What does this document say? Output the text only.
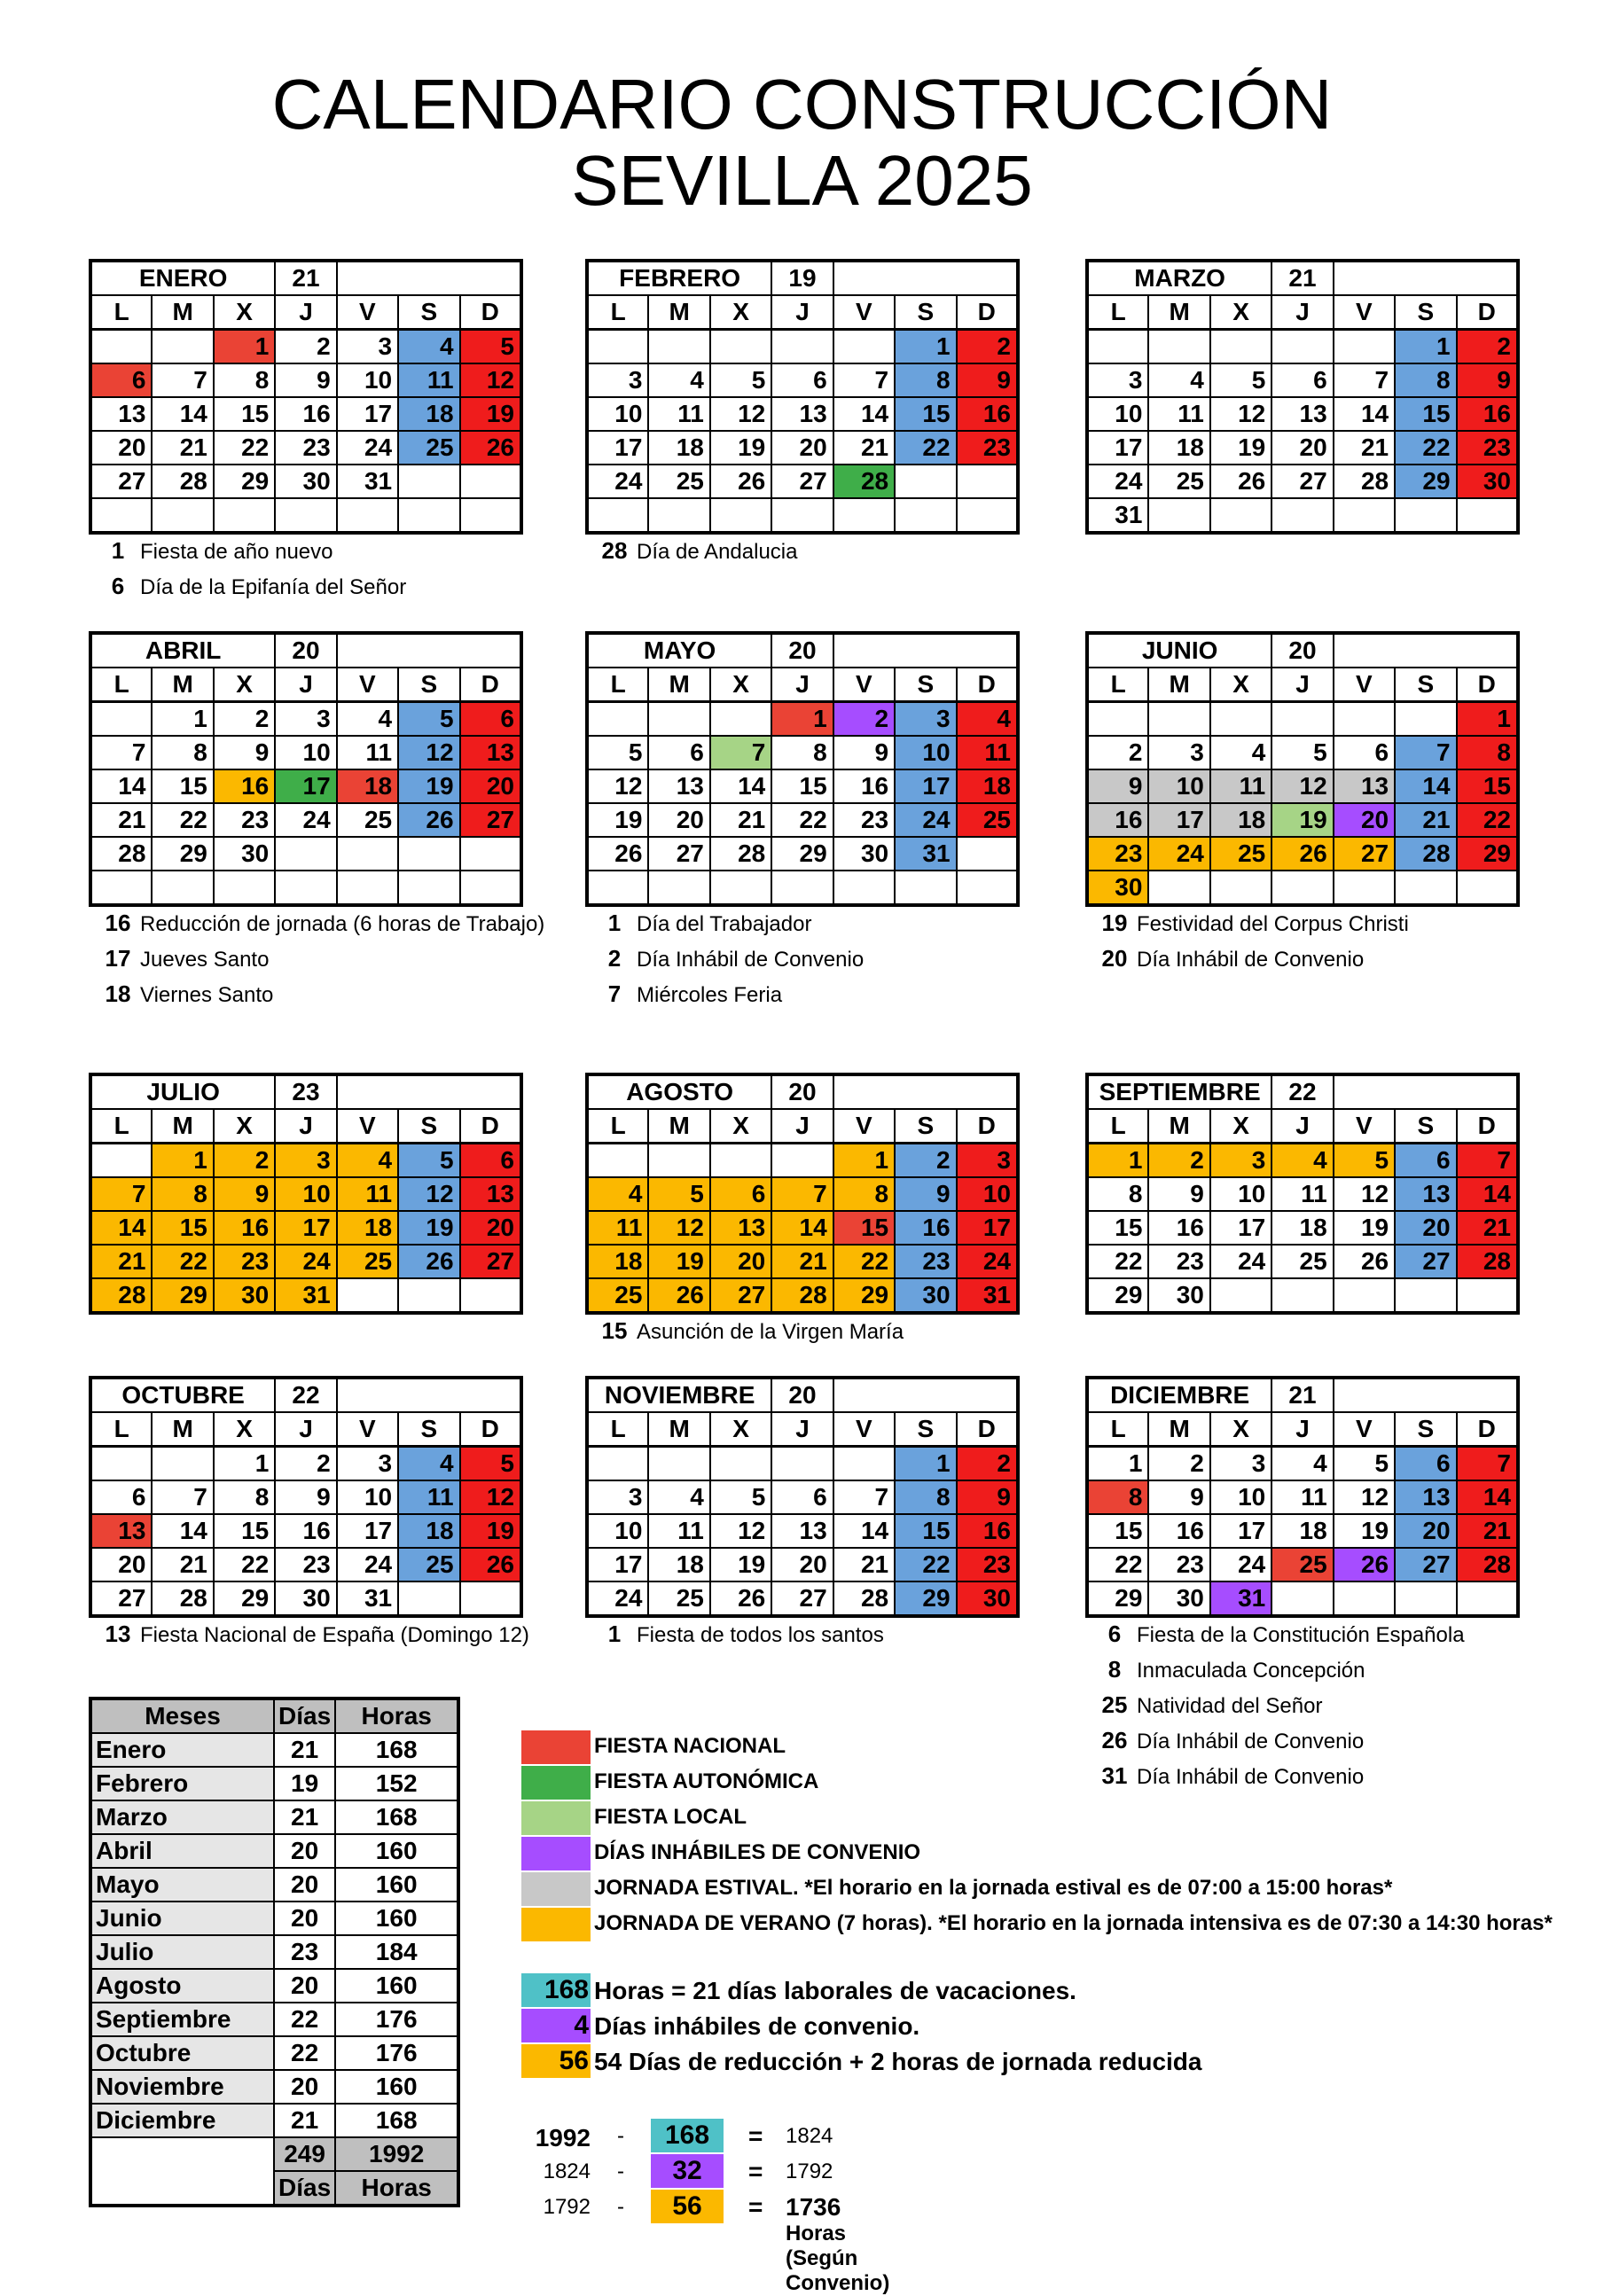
CALENDARIO CONSTRUCCIÓN
SEVILLA 2025
ENERO			21			
L	M	X	J	V	S	D
		1	2	3	4	5
6	7	8	9	10	11	12
13	14	15	16	17	18	19
20	21	22	23	24	25	26
27	28	29	30	31		

1 Fiesta de año nuevo
6 Día de la Epifanía del Señor
FEBRERO			19			
L	M	X	J	V	S	D
					1	2
3	4	5	6	7	8	9
10	11	12	13	14	15	16
17	18	19	20	21	22	23
24	25	26	27	28		

28 Día de Andalucia
MARZO			21			
L	M	X	J	V	S	D
					1	2
3	4	5	6	7	8	9
10	11	12	13	14	15	16
17	18	19	20	21	22	23
24	25	26	27	28	29	30
31						
ABRIL			20			
L	M	X	J	V	S	D
	1	2	3	4	5	6
7	8	9	10	11	12	13
14	15	16	17	18	19	20
21	22	23	24	25	26	27
28	29	30				

16 Reducción de jornada (6 horas de Trabajo)
17 Jueves Santo
18 Viernes Santo
MAYO			20			
L	M	X	J	V	S	D
			1	2	3	4
5	6	7	8	9	10	11
12	13	14	15	16	17	18
19	20	21	22	23	24	25
26	27	28	29	30	31	

1 Día del Trabajador
2 Día Inhábil de Convenio
7 Miércoles Feria
JUNIO			20			
L	M	X	J	V	S	D
						1
2	3	4	5	6	7	8
9	10	11	12	13	14	15
16	17	18	19	20	21	22
23	24	25	26	27	28	29
30						
19 Festividad del Corpus Christi
20 Día Inhábil de Convenio
JULIO			23			
L	M	X	J	V	S	D
	1	2	3	4	5	6
7	8	9	10	11	12	13
14	15	16	17	18	19	20
21	22	23	24	25	26	27
28	29	30	31			
AGOSTO			20			
L	M	X	J	V	S	D
				1	2	3
4	5	6	7	8	9	10
11	12	13	14	15	16	17
18	19	20	21	22	23	24
25	26	27	28	29	30	31
15 Asunción de la Virgen María
SEPTIEMBRE			22			
L	M	X	J	V	S	D
1	2	3	4	5	6	7
8	9	10	11	12	13	14
15	16	17	18	19	20	21
22	23	24	25	26	27	28
29	30					
OCTUBRE			22			
L	M	X	J	V	S	D
		1	2	3	4	5
6	7	8	9	10	11	12
13	14	15	16	17	18	19
20	21	22	23	24	25	26
27	28	29	30	31		
13 Fiesta Nacional de España (Domingo 12)
NOVIEMBRE			20			
L	M	X	J	V	S	D
					1	2
3	4	5	6	7	8	9
10	11	12	13	14	15	16
17	18	19	20	21	22	23
24	25	26	27	28	29	30
1 Fiesta de todos los santos
DICIEMBRE			21			
L	M	X	J	V	S	D
1	2	3	4	5	6	7
8	9	10	11	12	13	14
15	16	17	18	19	20	21
22	23	24	25	26	27	28
29	30	31				
6 Fiesta de la Constitución Española
8 Inmaculada Concepción
25 Natividad del Señor
26 Día Inhábil de Convenio
31 Día Inhábil de Convenio
Meses	Días	Horas
Enero	21	168
Febrero	19	152
Marzo	21	168
Abril	20	160
Mayo	20	160
Junio	20	160
Julio	23	184
Agosto	20	160
Septiembre	22	176
Octubre	22	176
Noviembre	20	160
Diciembre	21	168
	249	1992
	Días	Horas
FIESTA NACIONAL
FIESTA AUTONÓMICA
FIESTA LOCAL
DÍAS INHÁBILES DE CONVENIO
JORNADA ESTIVAL. *El horario en la jornada estival es de 07:00 a 15:00 horas*
JORNADA DE VERANO (7 horas). *El horario en la jornada intensiva es de 07:30 a 14:30 horas*
168 Horas = 21 días laborales de vacaciones.
4 Días inhábiles de convenio.
56 54 Días de reducción + 2 horas de jornada reducida
1992 -	168	= 1824
1824 -	32	= 1792
1792 -	56	= 1736 Horas (Según Convenio)
